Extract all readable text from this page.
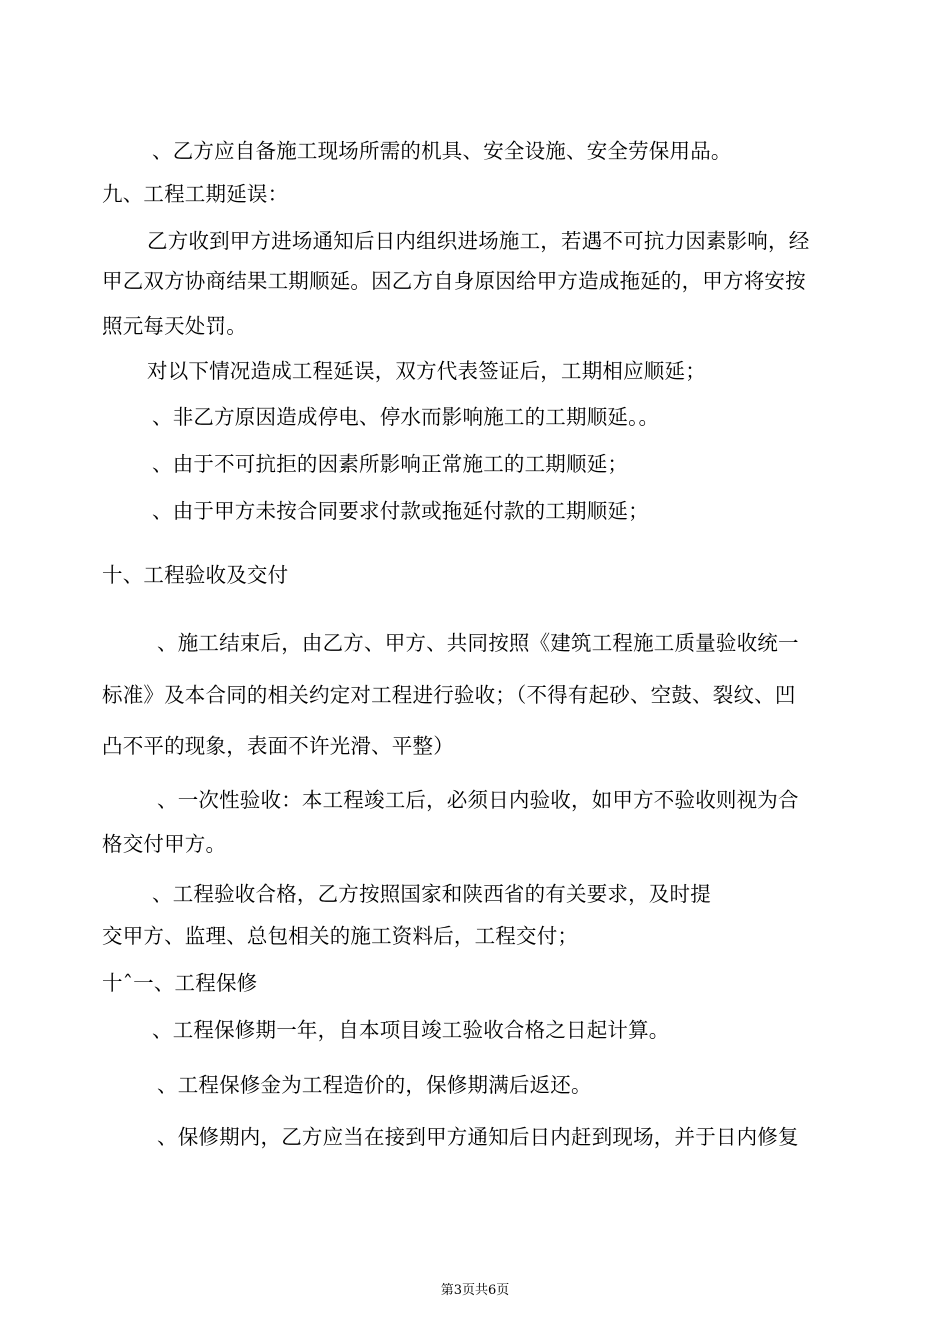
、乙方应自备施工现场所需的机具、安全设施、安全劳保用品。
九、工程工期延误：
乙方收到甲方进场通知后日内组织进场施工，若遇不可抗力因素影响，经
甲乙双方协商结果工期顺延。因乙方自身原因给甲方造成拖延的，甲方将安按
照元每天处罚。
对以下情况造成工程延误，双方代表签证后，工期相应顺延；
、非乙方原因造成停电、停水而影响施工的工期顺延。。
、由于不可抗拒的因素所影响正常施工的工期顺延；
、由于甲方未按合同要求付款或拖延付款的工期顺延；
十、工程验收及交付
、施工结束后，由乙方、甲方、共同按照《建筑工程施工质量验收统一
标准》及本合同的相关约定对工程进行验收；（不得有起砂、空鼓、裂纹、凹
凸不平的现象，表面不许光滑、平整）
、一次性验收：本工程竣工后，必须日内验收，如甲方不验收则视为合
格交付甲方。
、工程验收合格，乙方按照国家和陕西省的有关要求，及时提
交甲方、监理、总包相关的施工资料后，工程交付；
十ˆ一、工程保修
、工程保修期一年，自本项目竣工验收合格之日起计算。
、工程保修金为工程造价的，保修期满后返还。
、保修期内，乙方应当在接到甲方通知后日内赶到现场，并于日内修复
第3页共6页
